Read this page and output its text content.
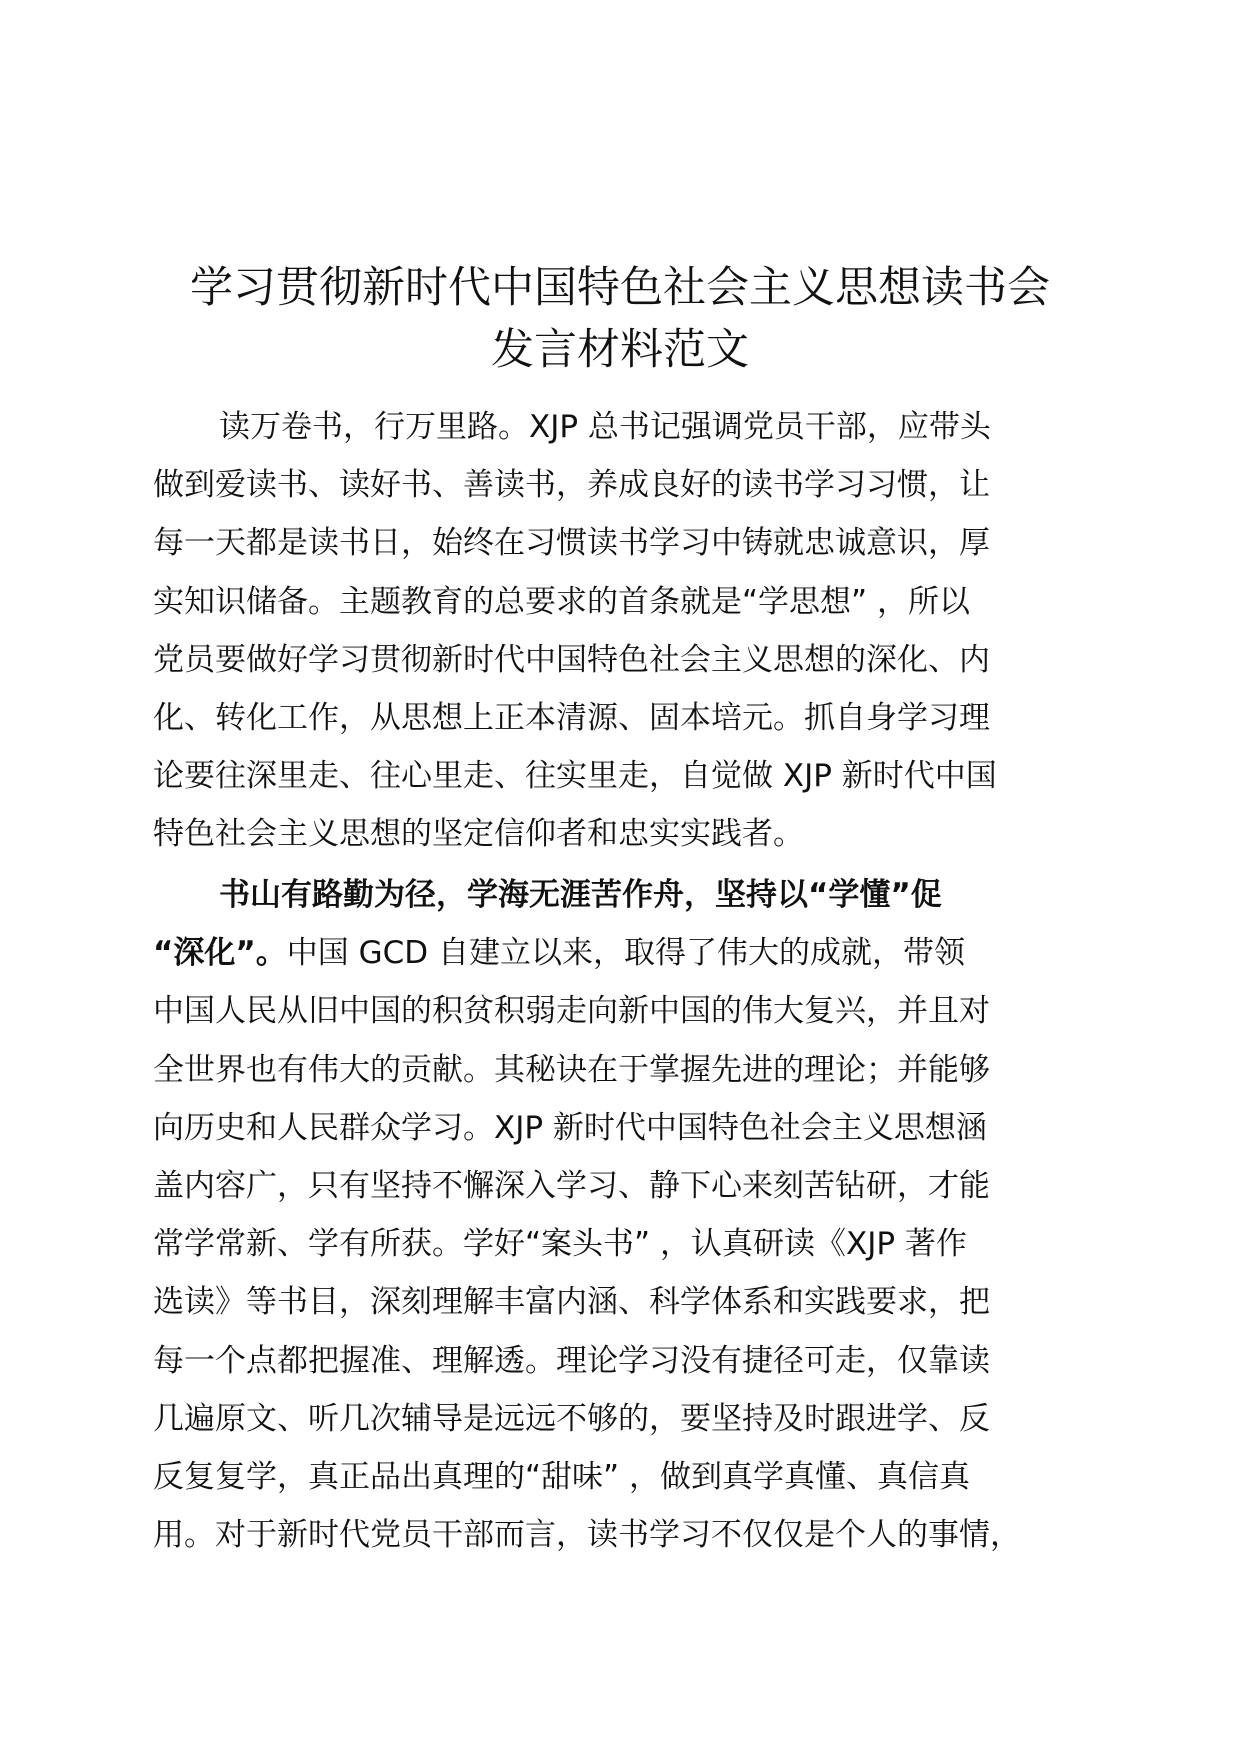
学习贯彻新时代中国特色社会主义思想读书会
发言材料范文
读万卷书，行万里路。XJP 总书记强调党员干部，应带头
做到爱读书、读好书、善读书，养成良好的读书学习习惯，让
每一天都是读书日，始终在习惯读书学习中铸就忠诚意识，厚
实知识储备。主题教育的总要求的首条就是“学思想” ，所以
党员要做好学习贯彻新时代中国特色社会主义思想的深化、内
化、转化工作，从思想上正本清源、固本培元。抓自身学习理
论要往深里走、往心里走、往实里走，自觉做 XJP 新时代中国
特色社会主义思想的坚定信仰者和忠实实践者。
书山有路勤为径，学海无涯苦作舟，坚持以“学懂”促
“深化”。中国 GCD 自建立以来，取得了伟大的成就，带领
中国人民从旧中国的积贫积弱走向新中国的伟大复兴，并且对
全世界也有伟大的贡献。其秘诀在于掌握先进的理论；并能够
向历史和人民群众学习。XJP 新时代中国特色社会主义思想涵
盖内容广，只有坚持不懈深入学习、静下心来刻苦钻研，才能
常学常新、学有所获。学好“案头书” ，认真研读《XJP 著作
选读》等书目，深刻理解丰富内涵、科学体系和实践要求，把
每一个点都把握准、理解透。理论学习没有捷径可走，仅靠读
几遍原文、听几次辅导是远远不够的，要坚持及时跟进学、反
反复复学，真正品出真理的“甜味” ，做到真学真懂、真信真
用。对于新时代党员干部而言，读书学习不仅仅是个人的事情，
